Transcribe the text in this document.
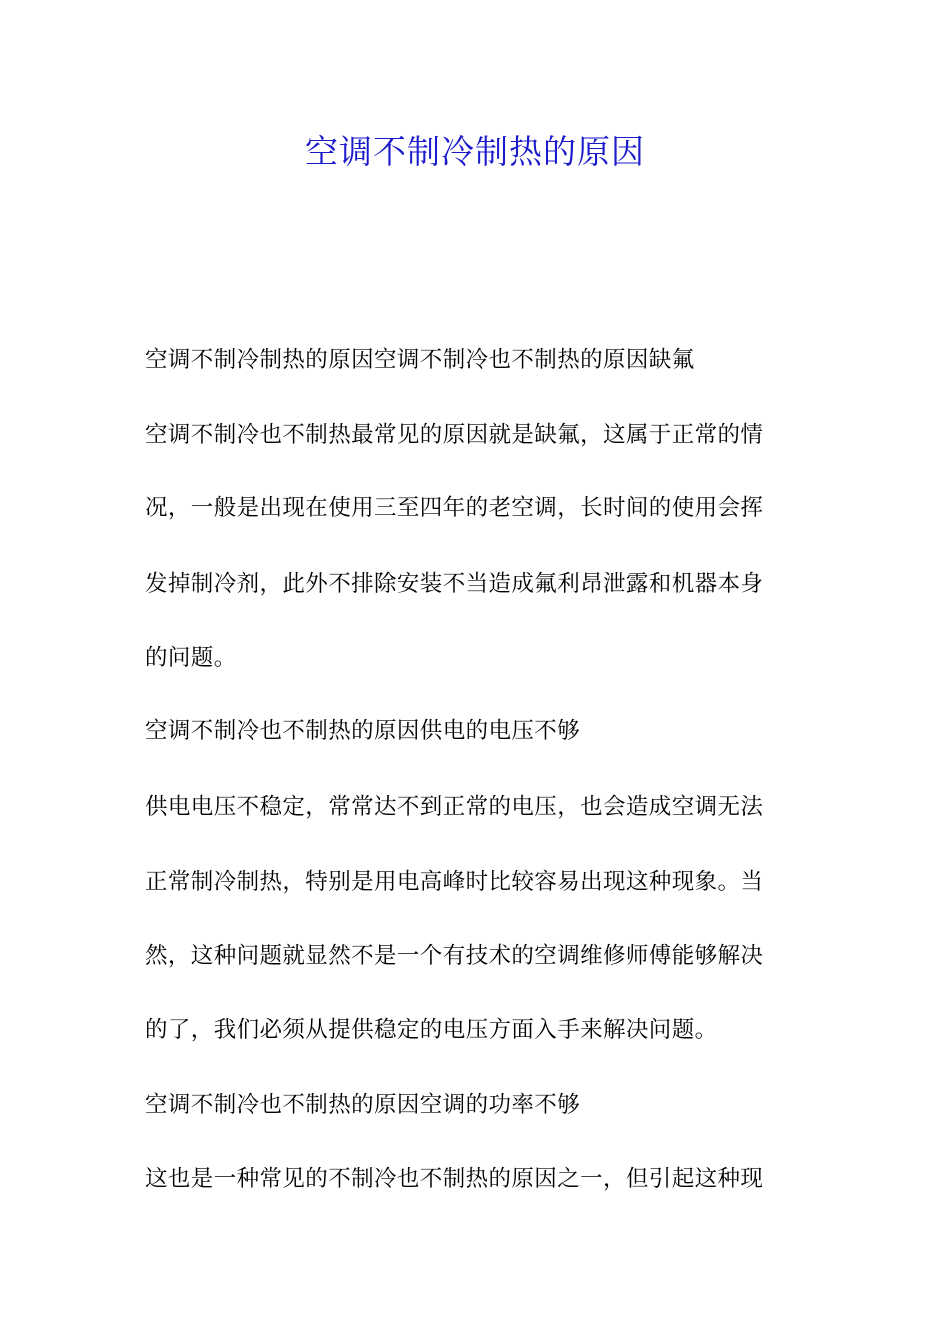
空调不制冷制热的原因
空调不制冷制热的原因空调不制冷也不制热的原因缺氟
空调不制冷也不制热最常见的原因就是缺氟，这属于正常的情
况，一般是出现在使用三至四年的老空调，长时间的使用会挥
发掉制冷剂，此外不排除安装不当造成氟利昂泄露和机器本身
的问题。
空调不制冷也不制热的原因供电的电压不够
供电电压不稳定，常常达不到正常的电压，也会造成空调无法
正常制冷制热，特别是用电高峰时比较容易出现这种现象。当
然，这种问题就显然不是一个有技术的空调维修师傅能够解决
的了，我们必须从提供稳定的电压方面入手来解决问题。
空调不制冷也不制热的原因空调的功率不够
这也是一种常见的不制冷也不制热的原因之一，但引起这种现
